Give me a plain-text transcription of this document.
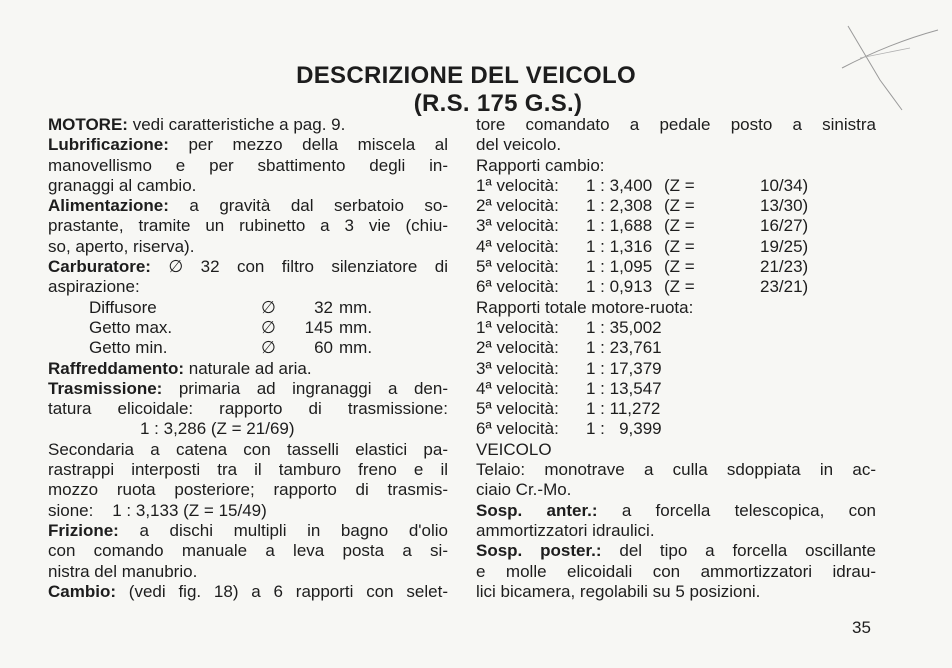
DESCRIZIONE DEL VEICOLO
(R.S. 175 G.S.)
MOTORE: vedi caratteristiche a pag. 9.
Lubrificazione: per mezzo della miscela al
manovellismo e per sbattimento degli in-
granaggi al cambio.
Alimentazione: a gravità dal serbatoio so-
prastante, tramite un rubinetto a 3 vie (chiu-
so, aperto, riserva).
Carburatore: ∅ 32 con filtro silenziatore di
aspirazione:
Diffusore	∅	32 mm.
Getto max.	∅	145 mm.
Getto min.	∅	60 mm.
Raffreddamento: naturale ad aria.
Trasmissione: primaria ad ingranaggi a den-
tatura elicoidale: rapporto di trasmissione:
1 : 3,286 (Z = 21/69)
Secondaria a catena con tasselli elastici pa-
rastrappi interposti tra il tamburo freno e il
mozzo ruota posteriore; rapporto di trasmis-
sione:    1 : 3,133 (Z = 15/49)
Frizione: a dischi multipli in bagno d'olio
con comando manuale a leva posta a si-
nistra del manubrio.
Cambio: (vedi fig. 18) a 6 rapporti con selet-
tore comandato a pedale posto a sinistra
del veicolo.
Rapporti cambio:
1ª velocità:	1 : 3,400 (Z =	10/34)
2ª velocità:	1 : 2,308 (Z =	13/30)
3ª velocità:	1 : 1,688 (Z =	16/27)
4ª velocità:	1 : 1,316 (Z =	19/25)
5ª velocità:	1 : 1,095 (Z =	21/23)
6ª velocità:	1 : 0,913 (Z =	23/21)
Rapporti totale motore-ruota:
1ª velocità:	1 : 35,002
2ª velocità:	1 : 23,761
3ª velocità:	1 : 17,379
4ª velocità:	1 : 13,547
5ª velocità:	1 : 11,272
6ª velocità:	1 :   9,399
VEICOLO
Telaio: monotrave a culla sdoppiata in ac-
ciaio Cr.-Mo.
Sosp. anter.: a forcella telescopica, con
ammortizzatori idraulici.
Sosp. poster.: del tipo a forcella oscillante
e molle elicoidali con ammortizzatori idrau-
lici bicamera, regolabili su 5 posizioni.
35
